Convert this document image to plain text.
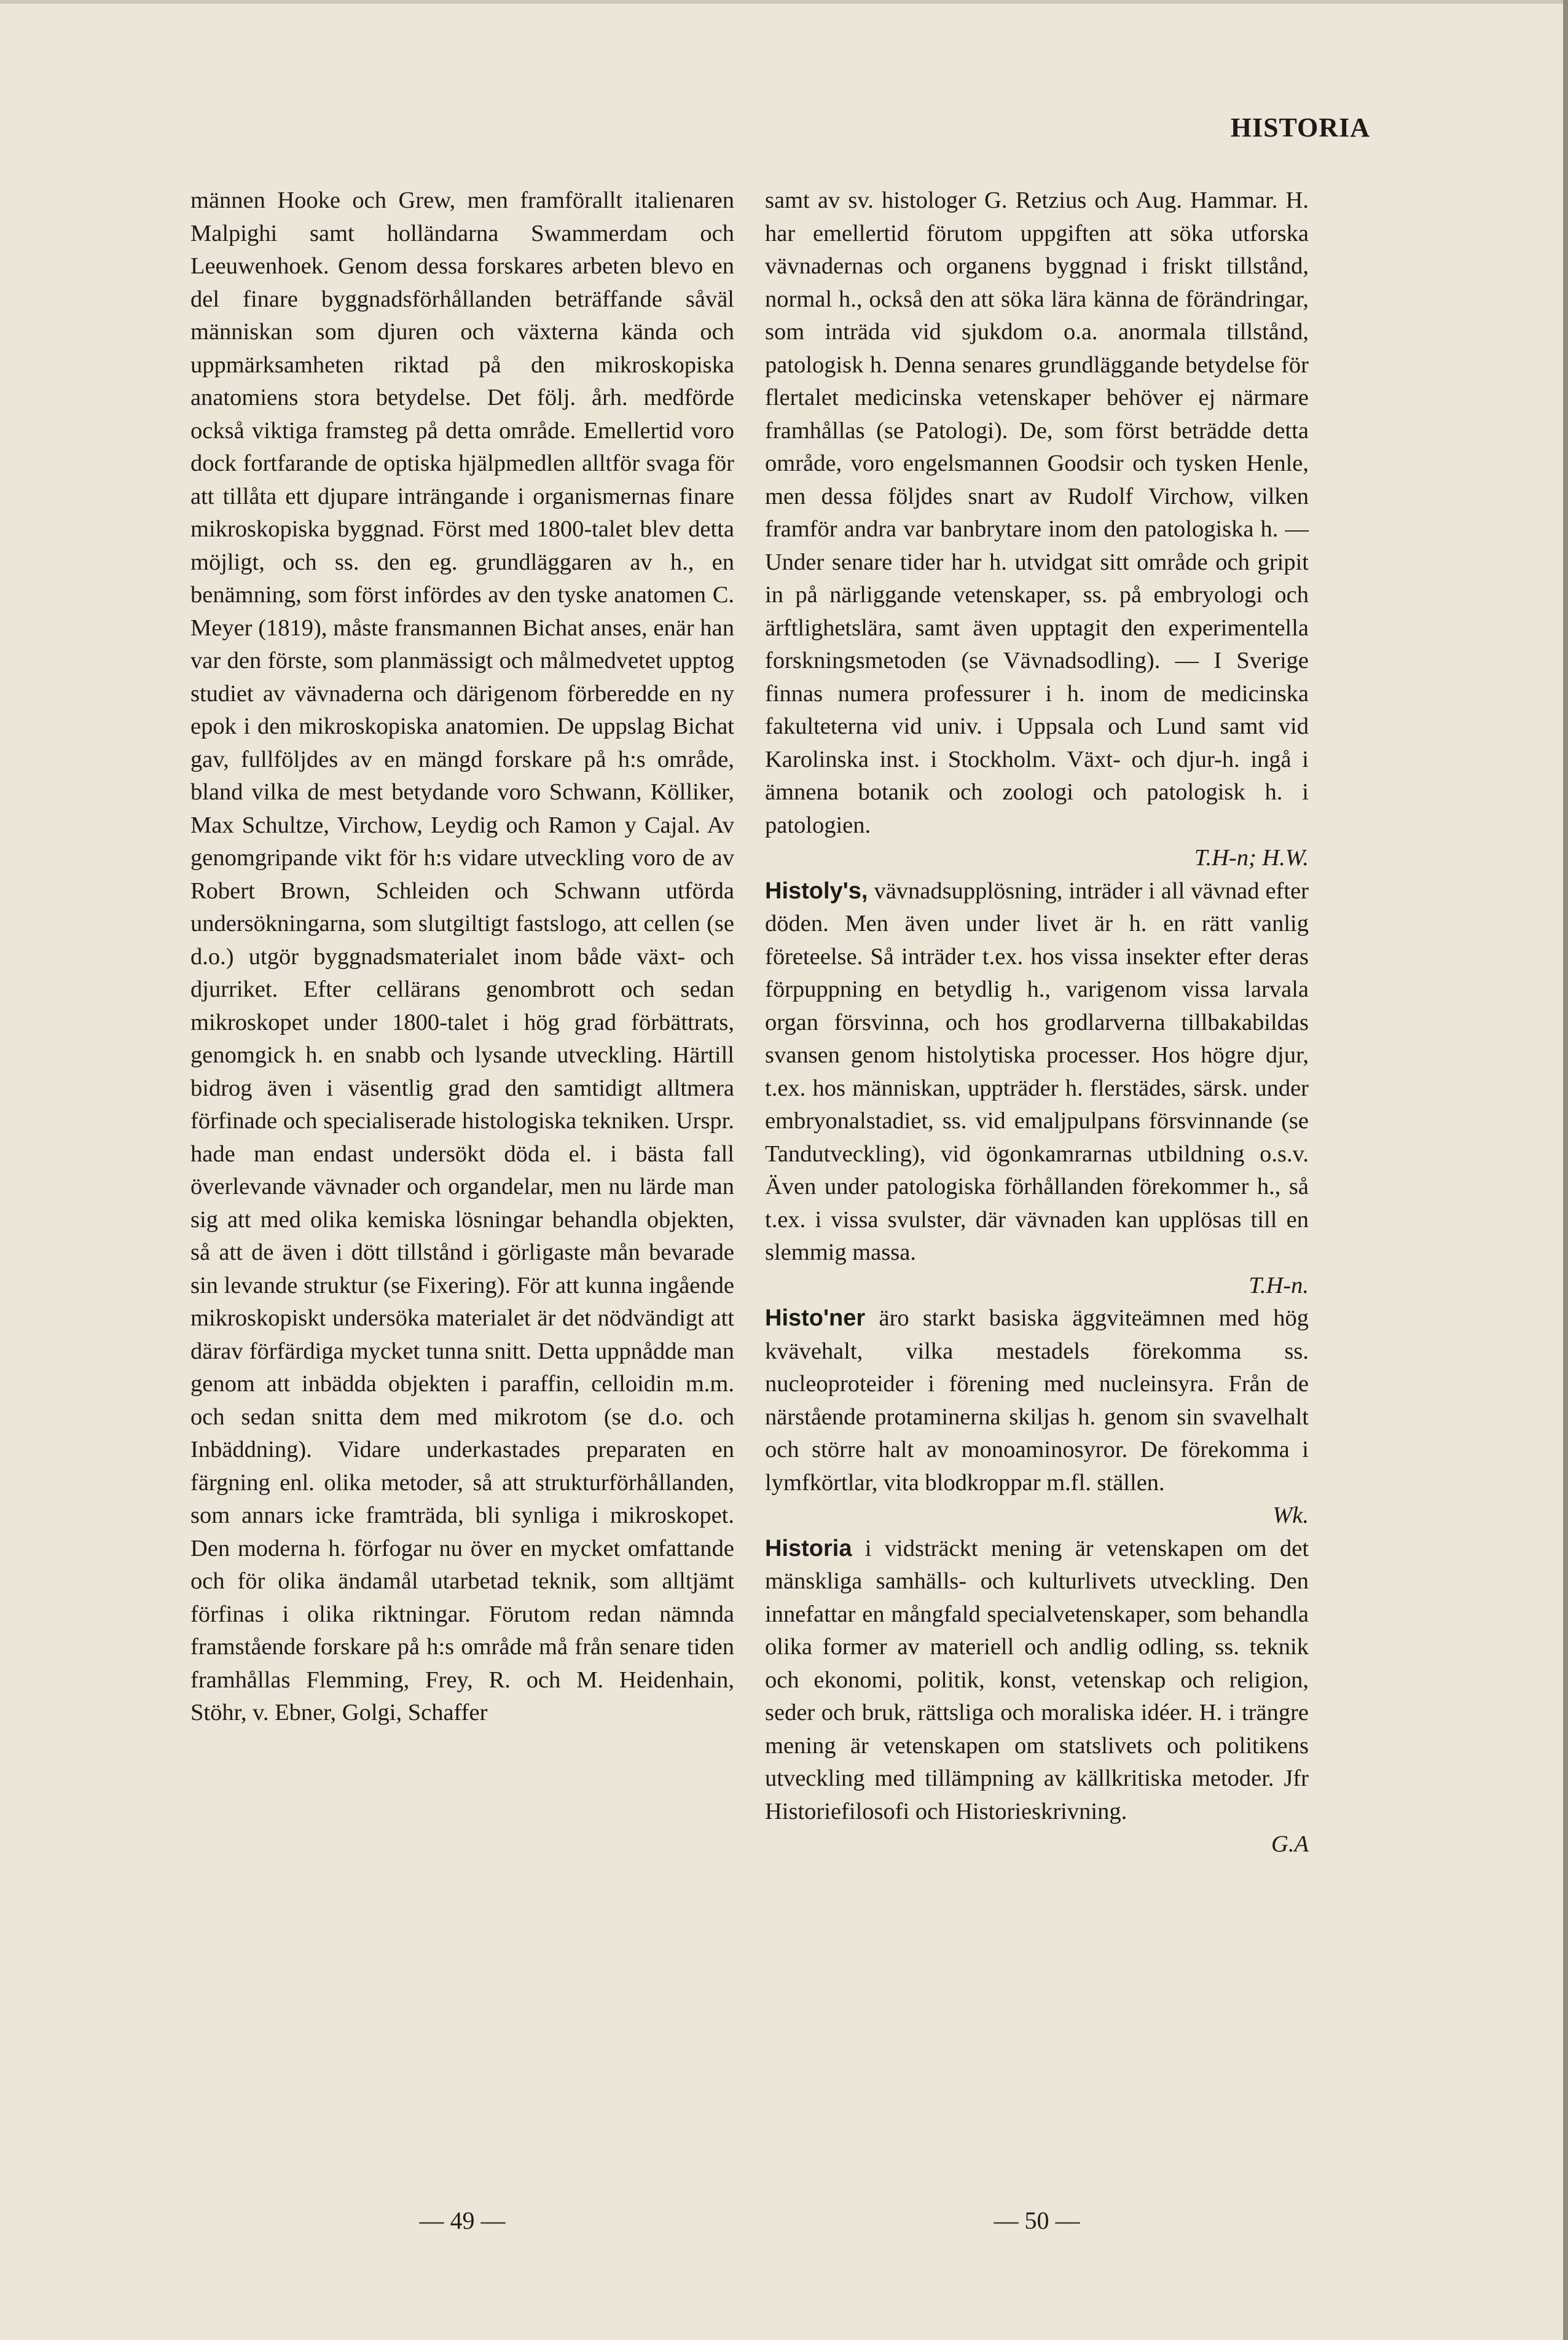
HISTORIA

männen Hooke och Grew, men framförallt italienaren Malpighi samt holländarna Swammerdam och Leeuwenhoek. Genom dessa forskares arbeten blevo en del finare byggnadsförhållanden beträffande såväl människan som djuren och växterna kända och uppmärksamheten riktad på den mikroskopiska anatomiens stora betydelse. Det följ. årh. medförde också viktiga framsteg på detta område. Emellertid voro dock fortfarande de optiska hjälpmedlen alltför svaga för att tillåta ett djupare inträngande i organismernas finare mikroskopiska byggnad. Först med 1800-talet blev detta möjligt, och ss. den eg. grundläggaren av h., en benämning, som först infördes av den tyske anatomen C. Meyer (1819), måste fransmannen Bichat anses, enär han var den förste, som planmässigt och målmedvetet upptog studiet av vävnaderna och därigenom förberedde en ny epok i den mikroskopiska anatomien. De uppslag Bichat gav, fullföljdes av en mängd forskare på h:s område, bland vilka de mest betydande voro Schwann, Kölliker, Max Schultze, Virchow, Leydig och Ramon y Cajal. Av genomgripande vikt för h:s vidare utveckling voro de av Robert Brown, Schleiden och Schwann utförda undersökningarna, som slutgiltigt fastslogo, att cellen (se d.o.) utgör byggnadsmaterialet inom både växt- och djurriket. Efter cellärans genombrott och sedan mikroskopet under 1800-talet i hög grad förbättrats, genomgick h. en snabb och lysande utveckling. Härtill bidrog även i väsentlig grad den samtidigt alltmera förfinade och specialiserade histologiska tekniken. Urspr. hade man endast undersökt döda el. i bästa fall överlevande vävnader och organdelar, men nu lärde man sig att med olika kemiska lösningar behandla objekten, så att de även i dött tillstånd i görligaste mån bevarade sin levande struktur (se Fixering). För att kunna ingående mikroskopiskt undersöka materialet är det nödvändigt att därav förfärdiga mycket tunna snitt. Detta uppnådde man genom att inbädda objekten i paraffin, celloidin m.m. och sedan snitta dem med mikrotom (se d.o. och Inbäddning). Vidare underkastades preparaten en färgning enl. olika metoder, så att strukturförhållanden, som annars icke framträda, bli synliga i mikroskopet. Den moderna h. förfogar nu över en mycket omfattande och för olika ändamål utarbetad teknik, som alltjämt förfinas i olika riktningar. Förutom redan nämnda framstående forskare på h:s område må från senare tiden framhållas Flemming, Frey, R. och M. Heidenhain, Stöhr, v. Ebner, Golgi, Schaffer

samt av sv. histologer G. Retzius och Aug. Hammar. H. har emellertid förutom uppgiften att söka utforska vävnadernas och organens byggnad i friskt tillstånd, normal h., också den att söka lära känna de förändringar, som inträda vid sjukdom o.a. anormala tillstånd, patologisk h. Denna senares grundläggande betydelse för flertalet medicinska vetenskaper behöver ej närmare framhållas (se Patologi). De, som först beträdde detta område, voro engelsmannen Goodsir och tysken Henle, men dessa följdes snart av Rudolf Virchow, vilken framför andra var banbrytare inom den patologiska h. — Under senare tider har h. utvidgat sitt område och gripit in på närliggande vetenskaper, ss. på embryologi och ärftlighetslära, samt även upptagit den experimentella forskningsmetoden (se Vävnadsodling). — I Sverige finnas numera professurer i h. inom de medicinska fakulteterna vid univ. i Uppsala och Lund samt vid Karolinska inst. i Stockholm. Växt- och djur-h. ingå i ämnena botanik och zoologi och patologisk h. i patologien.
T.H-n; H.W.

Histoly's, vävnadsupplösning, inträder i all vävnad efter döden. Men även under livet är h. en rätt vanlig företeelse. Så inträder t.ex. hos vissa insekter efter deras förpuppning en betydlig h., varigenom vissa larvala organ försvinna, och hos grodlarverna tillbakabildas svansen genom histolytiska processer. Hos högre djur, t.ex. hos människan, uppträder h. flerstädes, särsk. under embryonalstadiet, ss. vid emaljpulpans försvinnande (se Tandutveckling), vid ögonkamrarnas utbildning o.s.v. Även under patologiska förhållanden förekommer h., så t.ex. i vissa svulster, där vävnaden kan upplösas till en slemmig massa.
T.H-n.

Histo'ner äro starkt basiska äggviteämnen med hög kvävehalt, vilka mestadels förekomma ss. nucleoproteider i förening med nucleinsyra. Från de närstående protaminerna skiljas h. genom sin svavelhalt och större halt av monoaminosyror. De förekomma i lymfkörtlar, vita blodkroppar m.fl. ställen.
Wk.

Historia i vidsträckt mening är vetenskapen om det mänskliga samhälls- och kulturlivets utveckling. Den innefattar en mångfald specialvetenskaper, som behandla olika former av materiell och andlig odling, ss. teknik och ekonomi, politik, konst, vetenskap och religion, seder och bruk, rättsliga och moraliska idéer. H. i trängre mening är vetenskapen om statslivets och politikens utveckling med tillämpning av källkritiska metoder. Jfr Historiefilosofi och Historieskrivning.
G.A

— 49 —	— 50 —
